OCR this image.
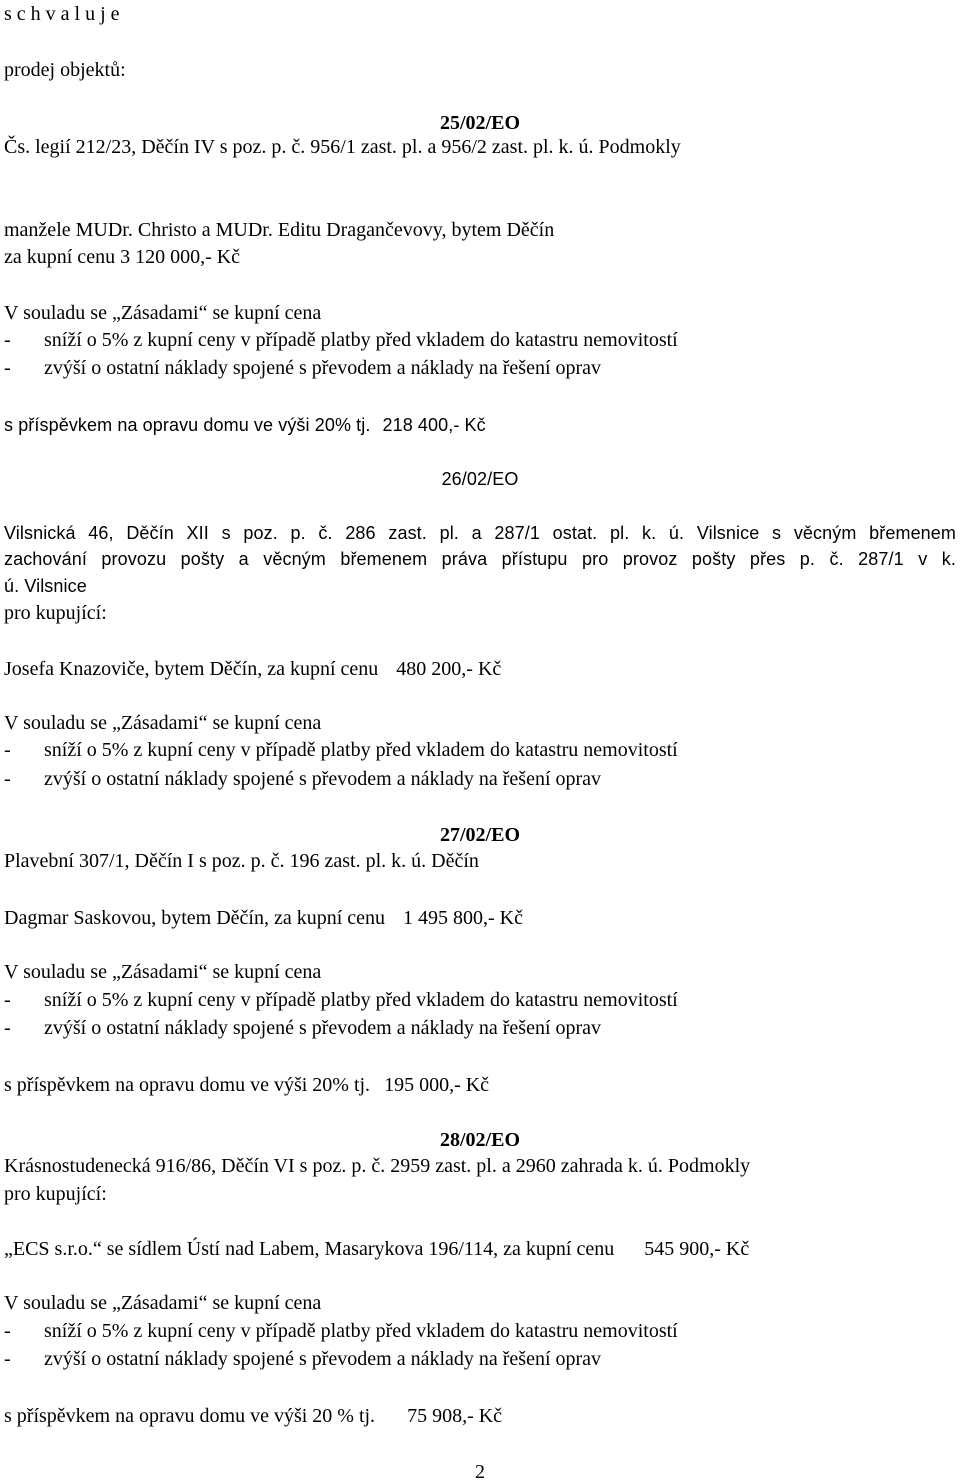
s c h v a l u j e
prodej objektů:
25/02/EO
Čs. legií 212/23, Děčín IV s poz. p. č. 956/1 zast. pl. a 956/2 zast. pl. k. ú. Podmokly
manžele MUDr. Christo a MUDr. Editu Dragančevovy, bytem Děčín
za kupní cenu 3 120 000,- Kč
V souladu se „Zásadami“ se kupní cena
- sníží o 5% z kupní ceny v případě platby před vkladem do katastru nemovitostí
- zvýší o ostatní náklady spojené s převodem a náklady na řešení oprav
s příspěvkem na opravu domu ve výši 20% tj. 218 400,- Kč
26/02/EO
Vilsnická 46, Děčín XII s poz. p. č. 286 zast. pl. a 287/1 ostat. pl. k. ú. Vilsnice s věcným břemenem
zachování provozu pošty a věcným břemenem práva přístupu pro provoz pošty přes p. č. 287/1 v k.
ú. Vilsnice
pro kupující:
Josefa Knazoviče, bytem Děčín, za kupní cenu 480 200,- Kč
V souladu se „Zásadami“ se kupní cena
- sníží o 5% z kupní ceny v případě platby před vkladem do katastru nemovitostí
- zvýší o ostatní náklady spojené s převodem a náklady na řešení oprav
27/02/EO
Plavební 307/1, Děčín I s poz. p. č. 196 zast. pl. k. ú. Děčín
Dagmar Saskovou, bytem Děčín, za kupní cenu 1 495 800,- Kč
V souladu se „Zásadami“ se kupní cena
- sníží o 5% z kupní ceny v případě platby před vkladem do katastru nemovitostí
- zvýší o ostatní náklady spojené s převodem a náklady na řešení oprav
s příspěvkem na opravu domu ve výši 20% tj. 195 000,- Kč
28/02/EO
Krásnostudenecká 916/86, Děčín VI s poz. p. č. 2959 zast. pl. a 2960 zahrada k. ú. Podmokly
pro kupující:
„ECS s.r.o.“ se sídlem Ústí nad Labem, Masarykova 196/114, za kupní cenu 545 900,- Kč
V souladu se „Zásadami“ se kupní cena
- sníží o 5% z kupní ceny v případě platby před vkladem do katastru nemovitostí
- zvýší o ostatní náklady spojené s převodem a náklady na řešení oprav
s příspěvkem na opravu domu ve výši 20 % tj. 75 908,- Kč
2
